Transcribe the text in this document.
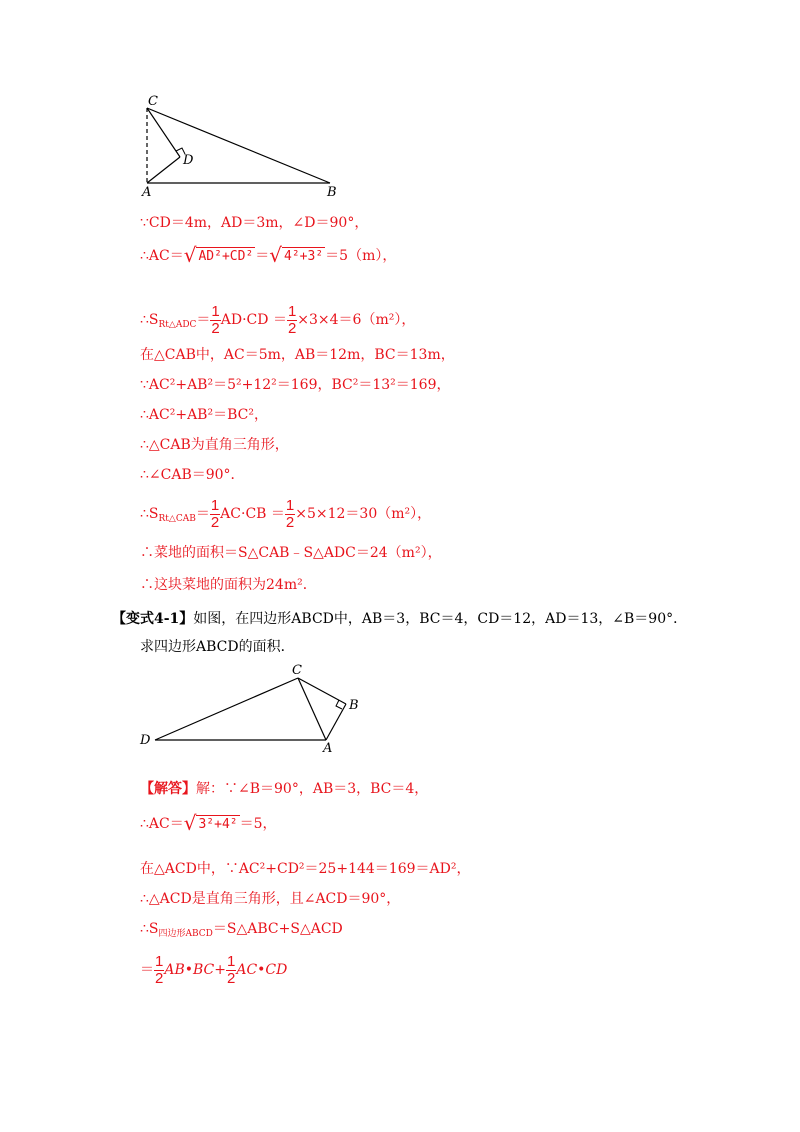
C
D
A	B
∵CD＝4m，AD＝3m，∠D＝90°，
∴AC＝√ AD²+CD² ＝√ 4²+3² ＝5（m），
$\therefore S_{Rt\triangle ADC}= \frac{1}{2} AD\cdot CD = \frac{1}{2} \times 3\times 4=6(m^2)$，
在△CAB中，AC＝5m，AB＝12m，BC＝13m，
∵AC²+AB²＝5²+12²＝169，BC²＝13²＝169，
∴AC²+AB²＝BC²，
∴△CAB为直角三角形，
∴∠CAB＝90°．
$\therefore S_{Rt\triangle CAB}= \frac{1}{2} AC\cdot CB = \frac{1}{2} \times 5\times 12=30(m^2)$，
∴菜地的面积＝S△CAB﹣S△ADC＝24（m²），
∴这块菜地的面积为24m²．
【变式4-1】如图，在四边形ABCD中，AB＝3，BC＝4，CD＝12，AD＝13，∠B＝90°．
求四边形ABCD的面积．
C
B
D
A
【解答】解：∵∠B＝90°，AB＝3，BC＝4，
∴AC＝√ 3²+4² ＝5，
在△ACD中，∵AC²+CD²＝25+144＝169＝AD²，
∴△ACD是直角三角形，且∠ACD＝90°，
$\therefore S_{四边形ABCD}=S\triangle ABC+S\triangle ACD$
＝ $\frac{1}{2}$ AB•BC+ $\frac{1}{2}$ AC•CD
